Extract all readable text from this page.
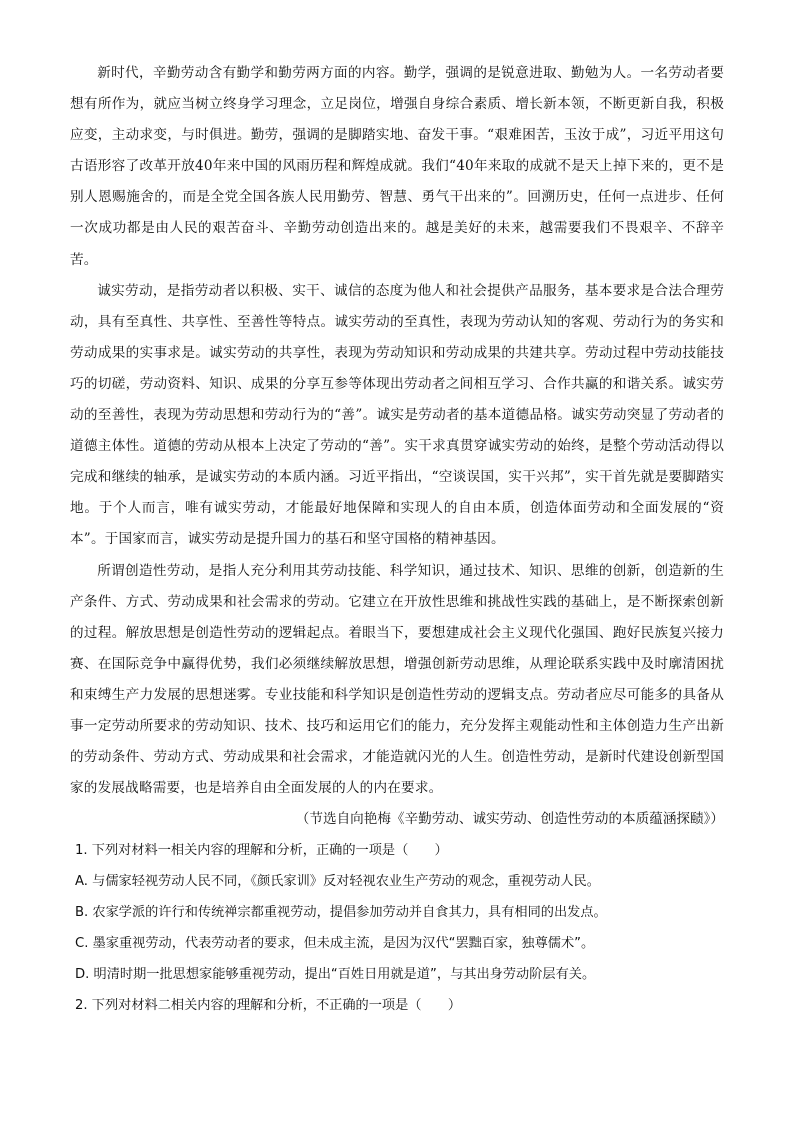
新时代，辛勤劳动含有勤学和勤劳两方面的内容。勤学，强调的是锐意进取、勤勉为人。一名劳动者要想有所作为，就应当树立终身学习理念，立足岗位，增强自身综合素质、增长新本领，不断更新自我，积极应变，主动求变，与时俱进。勤劳，强调的是脚踏实地、奋发干事。“艰难困苦，玉汝于成”，习近平用这句古语形容了改革开放40年来中国的风雨历程和辉煌成就。我们“40年来取的成就不是天上掉下来的，更不是别人恩赐施舍的，而是全党全国各族人民用勤劳、智慧、勇气干出来的”。回溯历史，任何一点进步、任何一次成功都是由人民的艰苦奋斗、辛勤劳动创造出来的。越是美好的未来，越需要我们不畏艰辛、不辞辛苦。

诚实劳动，是指劳动者以积极、实干、诚信的态度为他人和社会提供产品服务，基本要求是合法合理劳动，具有至真性、共享性、至善性等特点。诚实劳动的至真性，表现为劳动认知的客观、劳动行为的务实和劳动成果的实事求是。诚实劳动的共享性，表现为劳动知识和劳动成果的共建共享。劳动过程中劳动技能技巧的切磋，劳动资料、知识、成果的分享互参等体现出劳动者之间相互学习、合作共赢的和谐关系。诚实劳动的至善性，表现为劳动思想和劳动行为的“善”。诚实是劳动者的基本道德品格。诚实劳动突显了劳动者的道德主体性。道德的劳动从根本上决定了劳动的“善”。实干求真贯穿诚实劳动的始终，是整个劳动活动得以完成和继续的轴承，是诚实劳动的本质内涵。习近平指出，“空谈误国，实干兴邦”，实干首先就是要脚踏实地。于个人而言，唯有诚实劳动，才能最好地保障和实现人的自由本质，创造体面劳动和全面发展的“资本”。于国家而言，诚实劳动是提升国力的基石和坚守国格的精神基因。

所谓创造性劳动，是指人充分利用其劳动技能、科学知识，通过技术、知识、思维的创新，创造新的生产条件、方式、劳动成果和社会需求的劳动。它建立在开放性思维和挑战性实践的基础上，是不断探索创新的过程。解放思想是创造性劳动的逻辑起点。着眼当下，要想建成社会主义现代化强国、跑好民族复兴接力赛、在国际竞争中赢得优势，我们必须继续解放思想，增强创新劳动思维，从理论联系实践中及时廓清困扰和束缚生产力发展的思想迷雾。专业技能和科学知识是创造性劳动的逻辑支点。劳动者应尽可能多的具备从事一定劳动所要求的劳动知识、技术、技巧和运用它们的能力，充分发挥主观能动性和主体创造力生产出新的劳动条件、劳动方式、劳动成果和社会需求，才能造就闪光的人生。创造性劳动，是新时代建设创新型国家的发展战略需要，也是培养自由全面发展的人的内在要求。

（节选自向艳梅《辛勤劳动、诚实劳动、创造性劳动的本质蕴涵探赜》）

1. 下列对材料一相关内容的理解和分析，正确的一项是（　　）

A. 与儒家轻视劳动人民不同，《颜氏家训》反对轻视农业生产劳动的观念，重视劳动人民。

B. 农家学派的许行和传统禅宗都重视劳动，提倡参加劳动并自食其力，具有相同的出发点。

C. 墨家重视劳动，代表劳动者的要求，但未成主流，是因为汉代“罢黜百家，独尊儒术”。

D. 明清时期一批思想家能够重视劳动，提出“百姓日用就是道”，与其出身劳动阶层有关。

2. 下列对材料二相关内容的理解和分析，不正确的一项是（　　）
